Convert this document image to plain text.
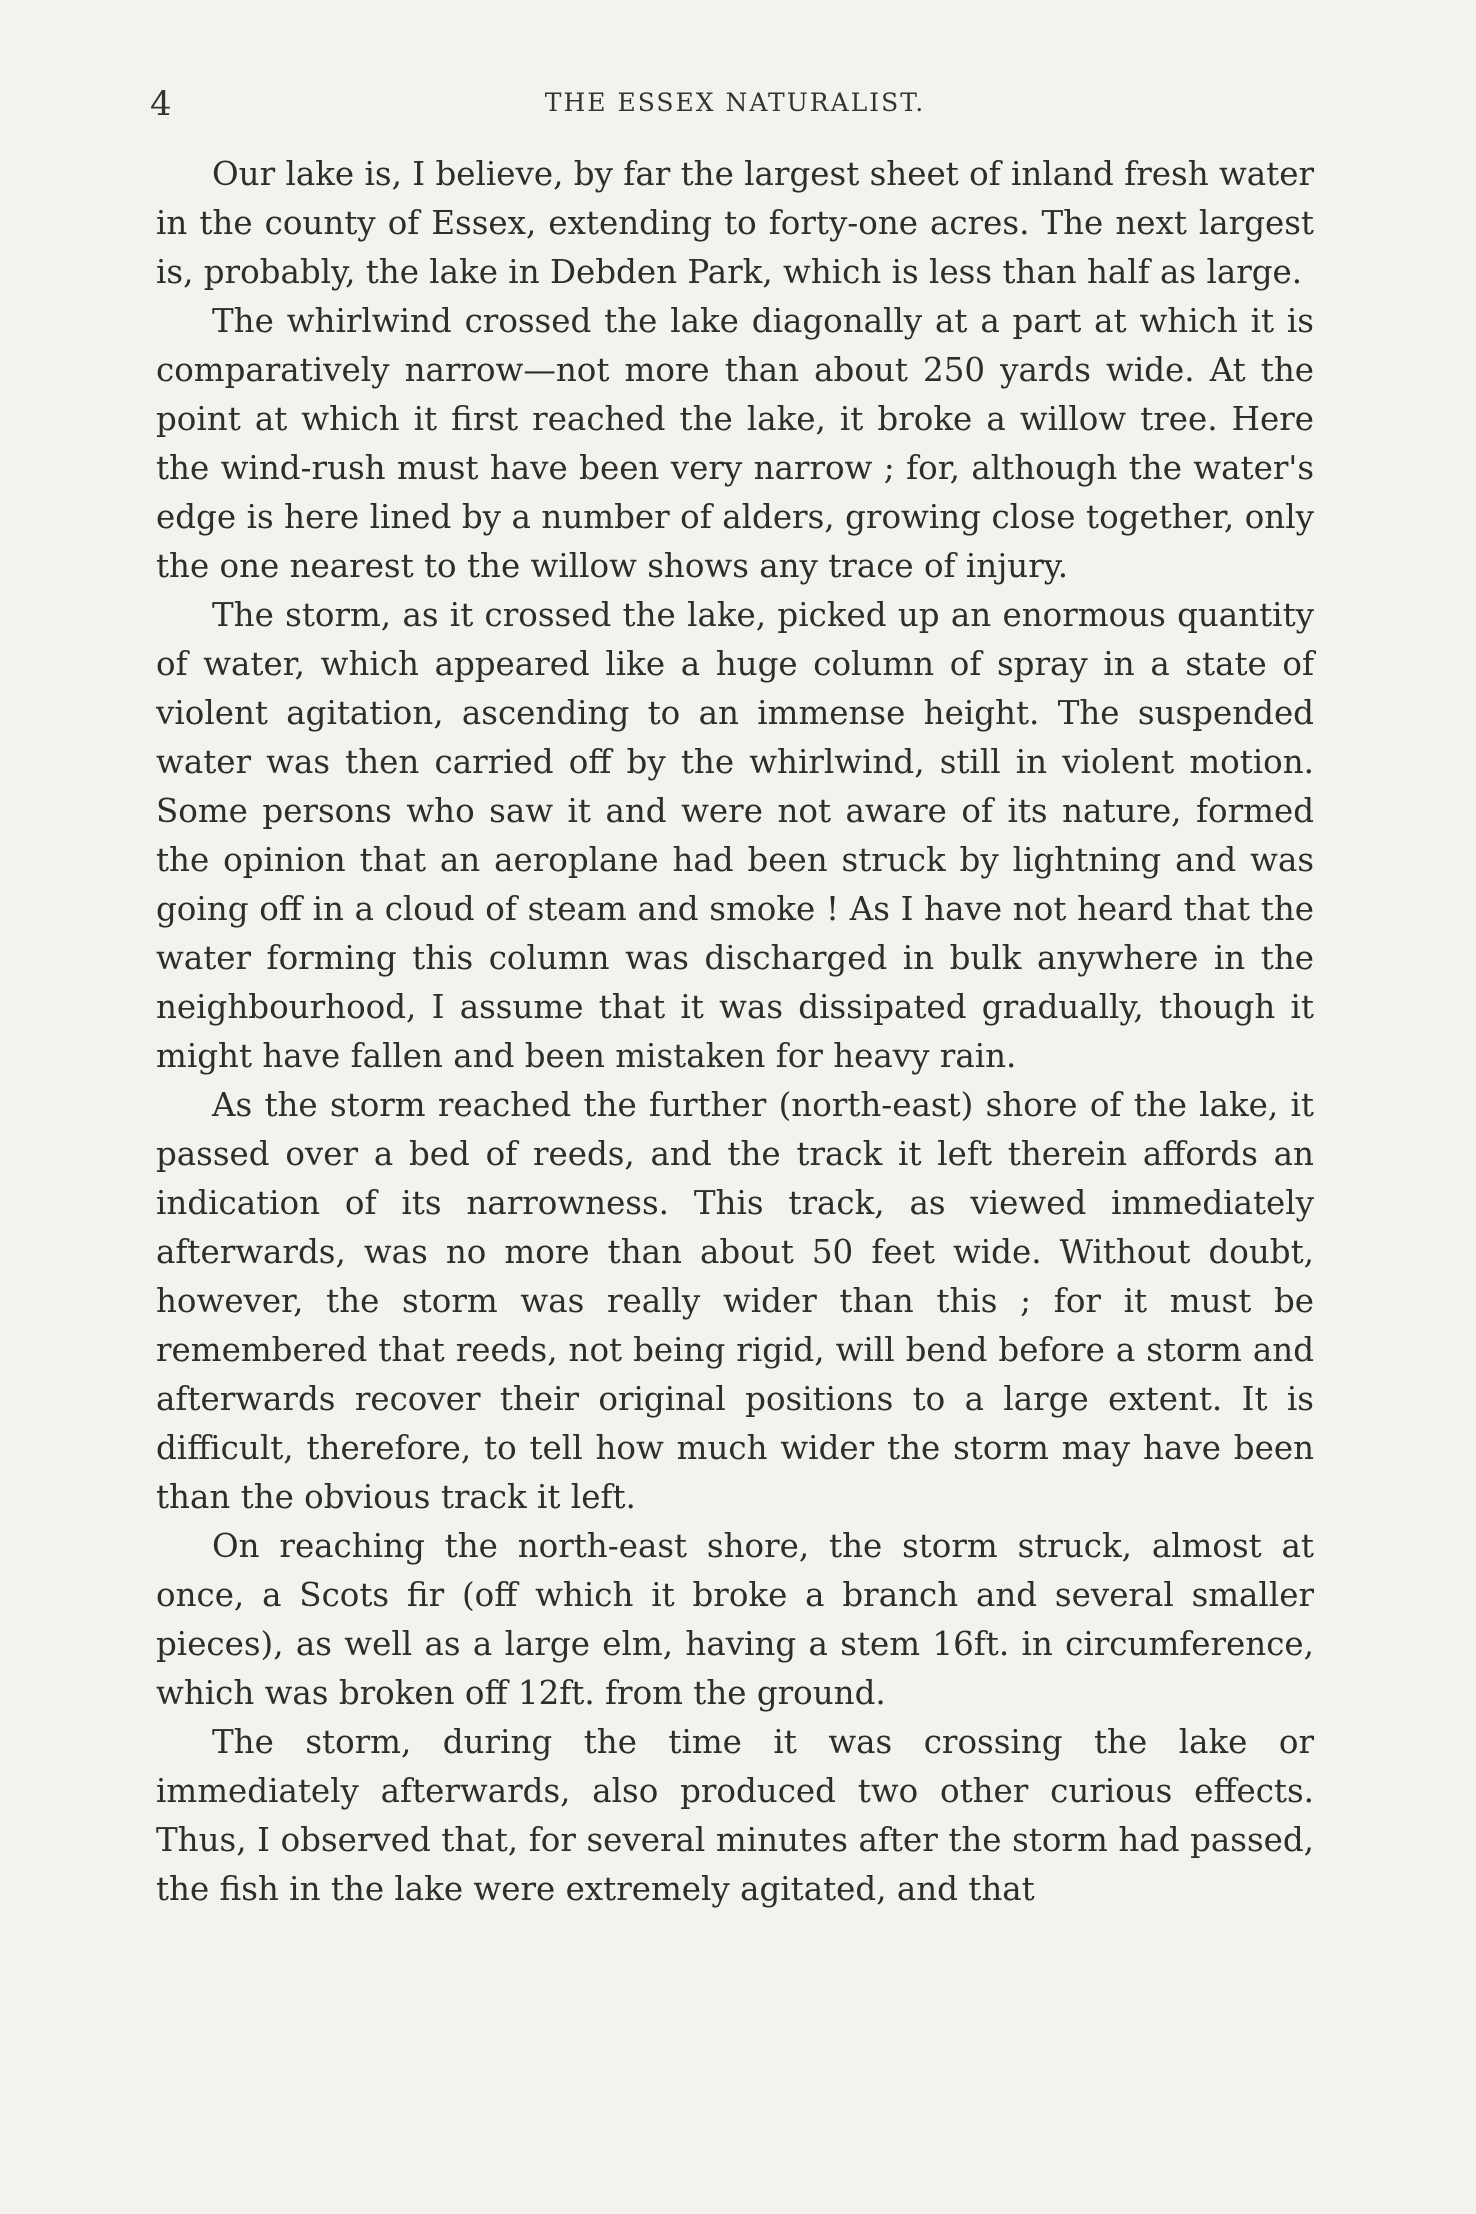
4	THE ESSEX NATURALIST.

Our lake is, I believe, by far the largest sheet of inland fresh water in the county of Essex, extending to forty-one acres. The next largest is, probably, the lake in Debden Park, which is less than half as large.

The whirlwind crossed the lake diagonally at a part at which it is comparatively narrow—not more than about 250 yards wide. At the point at which it first reached the lake, it broke a willow tree. Here the wind-rush must have been very narrow ; for, although the water's edge is here lined by a number of alders, growing close together, only the one nearest to the willow shows any trace of injury.

The storm, as it crossed the lake, picked up an enormous quantity of water, which appeared like a huge column of spray in a state of violent agitation, ascending to an immense height. The suspended water was then carried off by the whirlwind, still in violent motion. Some persons who saw it and were not aware of its nature, formed the opinion that an aeroplane had been struck by lightning and was going off in a cloud of steam and smoke ! As I have not heard that the water forming this column was discharged in bulk anywhere in the neighbourhood, I assume that it was dissipated gradually, though it might have fallen and been mistaken for heavy rain.

As the storm reached the further (north-east) shore of the lake, it passed over a bed of reeds, and the track it left therein affords an indication of its narrowness. This track, as viewed immediately afterwards, was no more than about 50 feet wide. Without doubt, however, the storm was really wider than this ; for it must be remembered that reeds, not being rigid, will bend before a storm and afterwards recover their original positions to a large extent. It is difficult, therefore, to tell how much wider the storm may have been than the obvious track it left.

On reaching the north-east shore, the storm struck, almost at once, a Scots fir (off which it broke a branch and several smaller pieces), as well as a large elm, having a stem 16ft. in circumference, which was broken off 12ft. from the ground.

The storm, during the time it was crossing the lake or immediately afterwards, also produced two other curious effects. Thus, I observed that, for several minutes after the storm had passed, the fish in the lake were extremely agitated, and that
